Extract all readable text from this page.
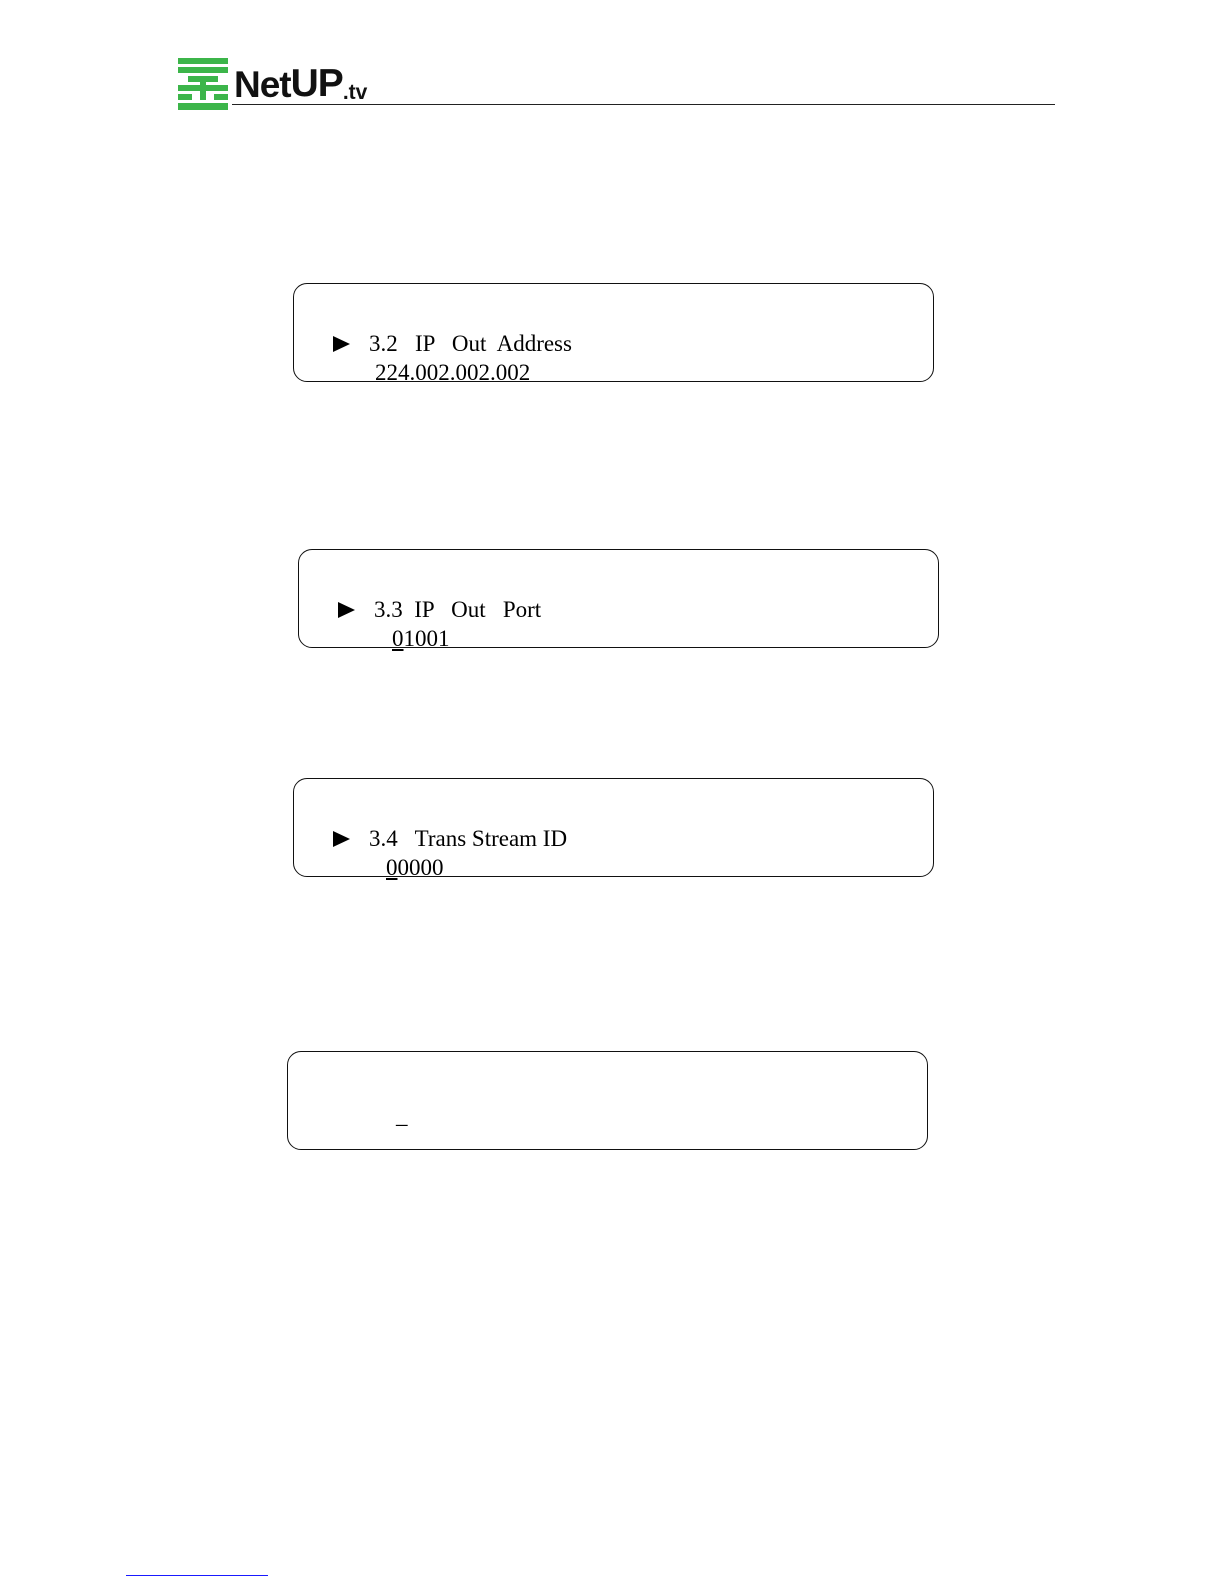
Net UP .tv

3.2 IP   Out  Address

224.002.002.002

3.3 IP   Out   Port

01001

3.4 Trans Stream ID

00000

_
